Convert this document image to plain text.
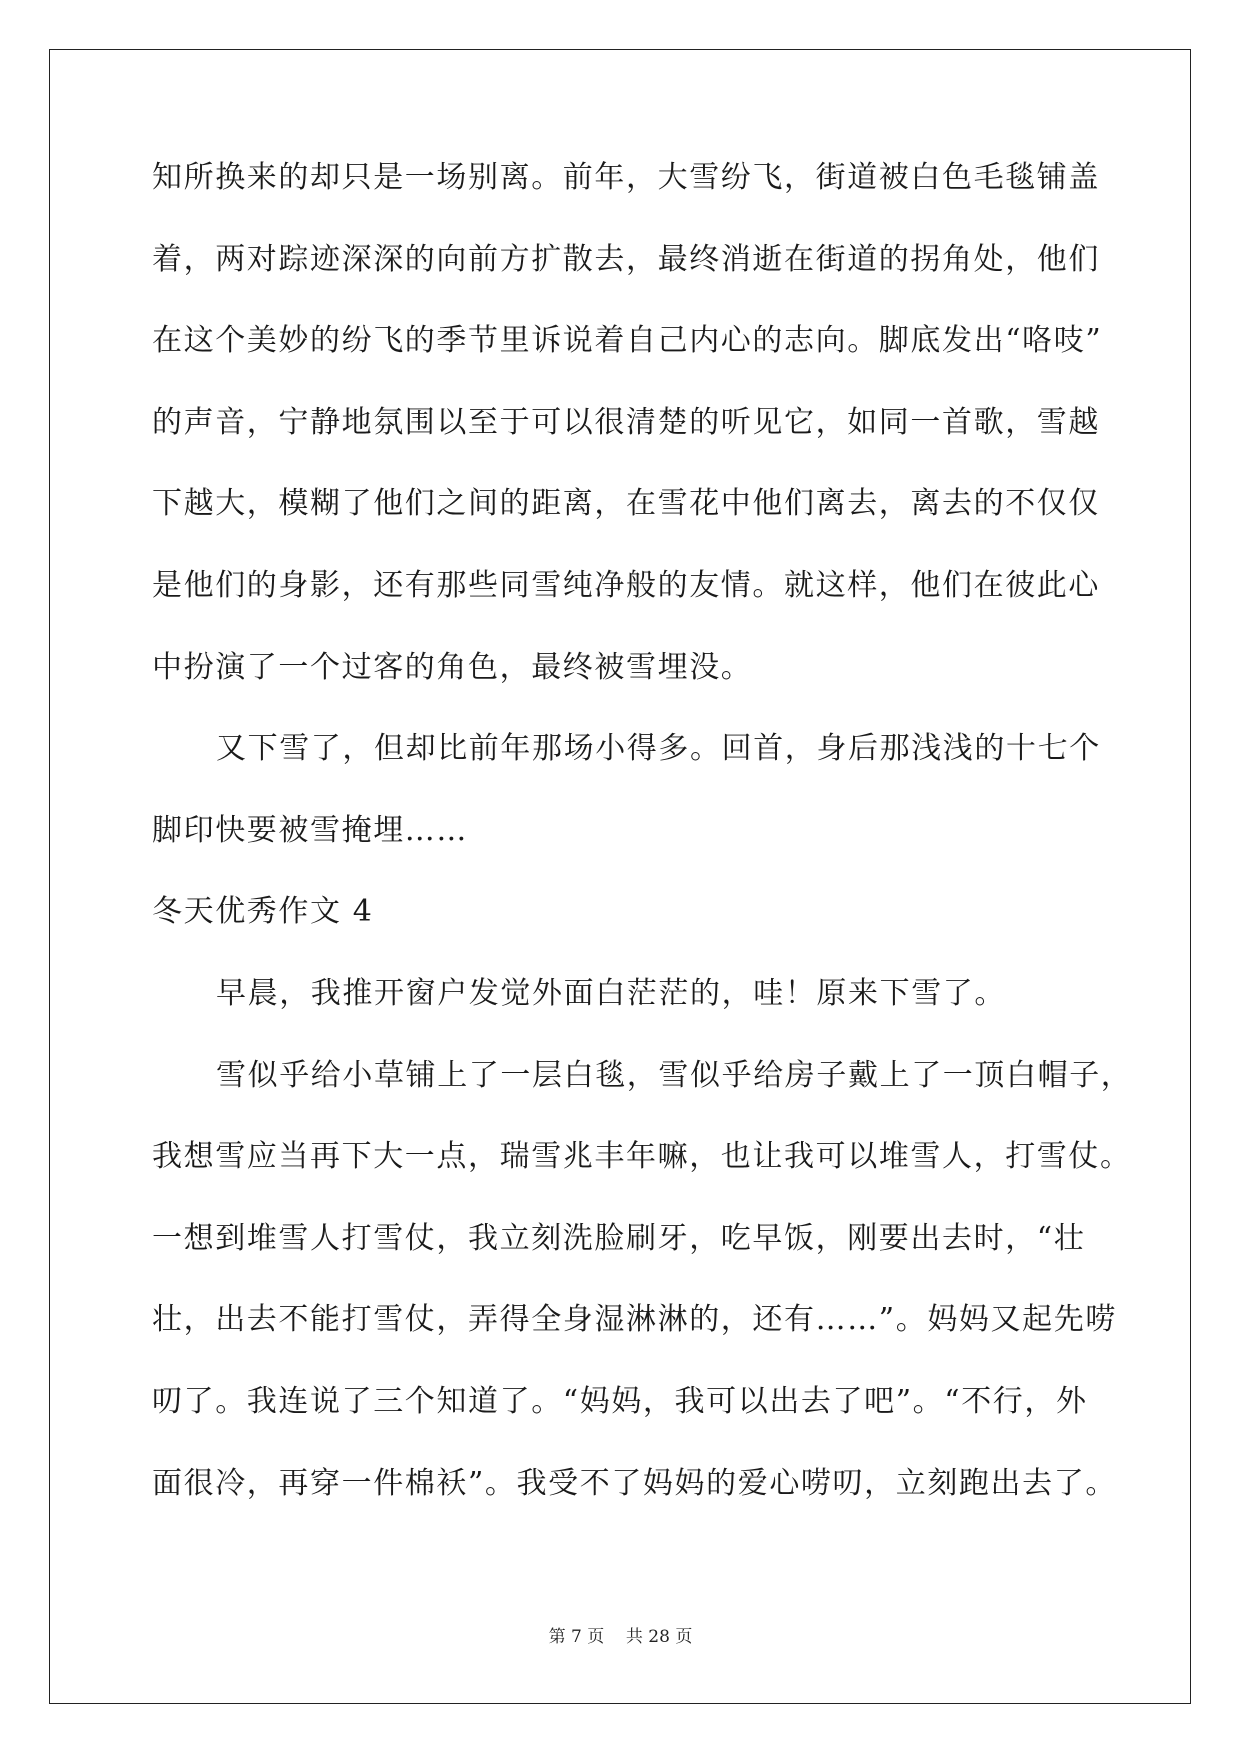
知所换来的却只是一场别离。前年，大雪纷飞，街道被白色毛毯铺盖
着，两对踪迹深深的向前方扩散去，最终消逝在街道的拐角处，他们
在这个美妙的纷飞的季节里诉说着自己内心的志向。脚底发出“咯吱”
的声音，宁静地氛围以至于可以很清楚的听见它，如同一首歌，雪越
下越大，模糊了他们之间的距离，在雪花中他们离去，离去的不仅仅
是他们的身影，还有那些同雪纯净般的友情。就这样，他们在彼此心
中扮演了一个过客的角色，最终被雪埋没。
又下雪了，但却比前年那场小得多。回首，身后那浅浅的十七个
脚印快要被雪掩埋……
冬天优秀作文 4
早晨，我推开窗户发觉外面白茫茫的，哇！原来下雪了。
雪似乎给小草铺上了一层白毯，雪似乎给房子戴上了一顶白帽子，
我想雪应当再下大一点，瑞雪兆丰年嘛，也让我可以堆雪人，打雪仗。
一想到堆雪人打雪仗，我立刻洗脸刷牙，吃早饭，刚要出去时，“壮
壮，出去不能打雪仗，弄得全身湿淋淋的，还有……”。妈妈又起先唠
叨了。我连说了三个知道了。“妈妈，我可以出去了吧”。“不行，外
面很冷，再穿一件棉袄”。我受不了妈妈的爱心唠叨，立刻跑出去了。
第 7 页    共 28 页
